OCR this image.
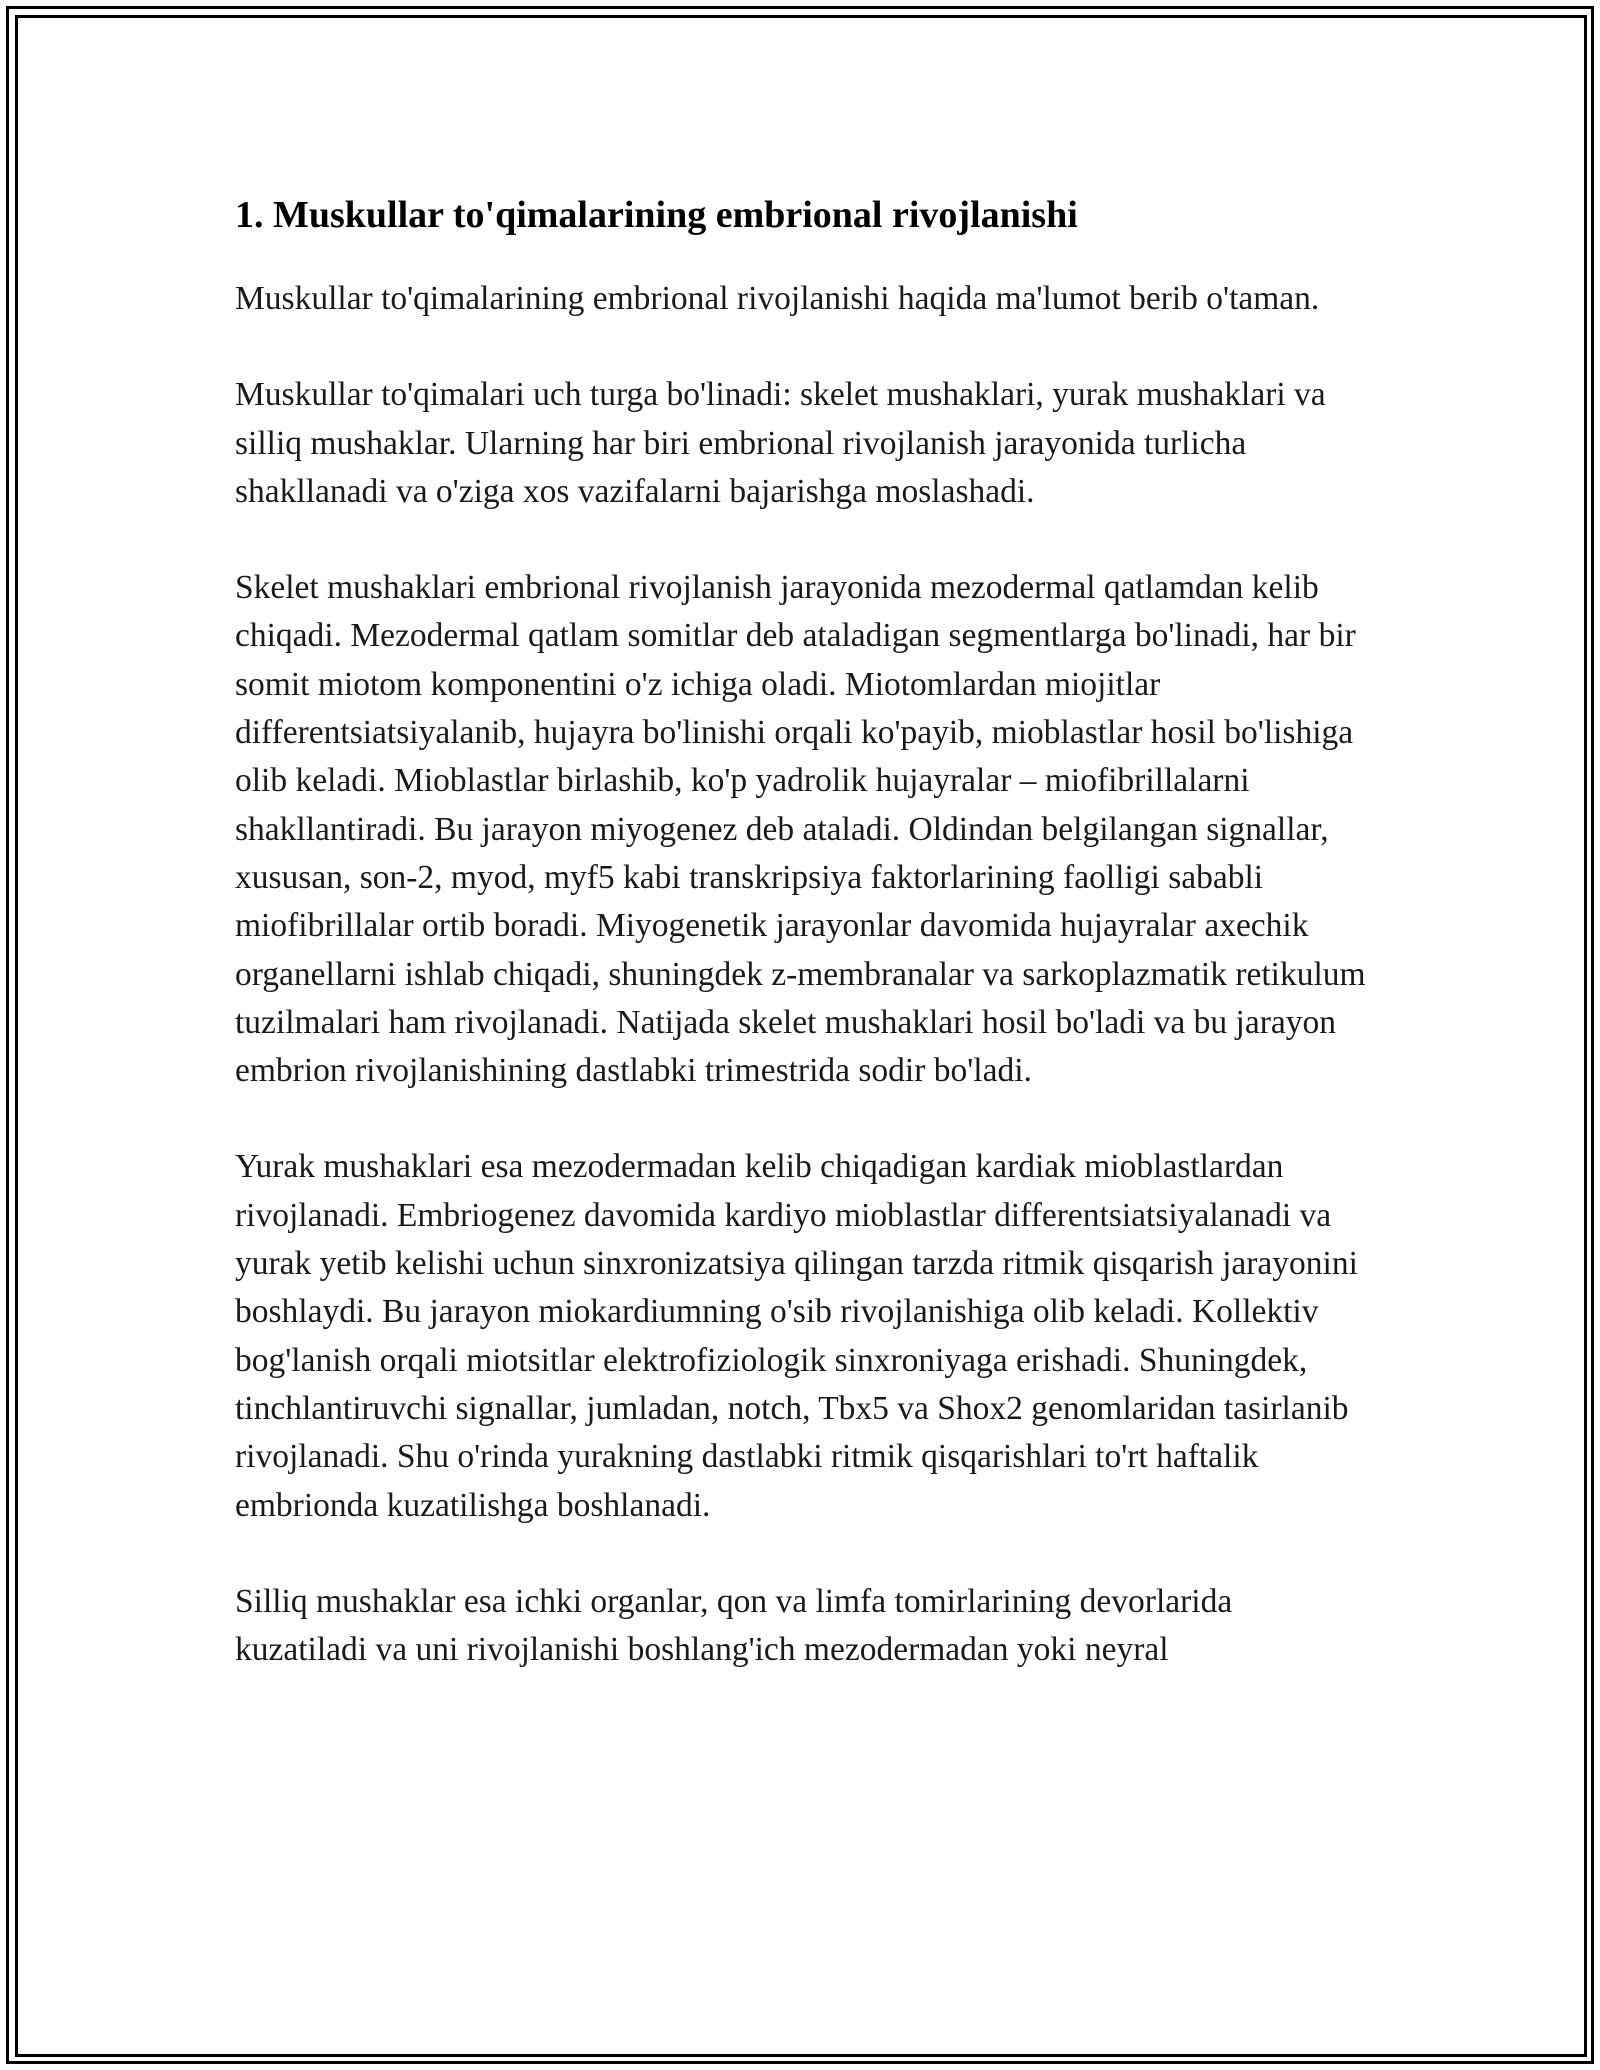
1. Muskullar to'qimalarining embrional rivojlanishi

Muskullar to'qimalarining embrional rivojlanishi haqida ma'lumot berib o'taman.

Muskullar to'qimalari uch turga bo'linadi: skelet mushaklari, yurak mushaklari va silliq mushaklar. Ularning har biri embrional rivojlanish jarayonida turlicha shakllanadi va o'ziga xos vazifalarni bajarishga moslashadi.

Skelet mushaklari embrional rivojlanish jarayonida mezodermal qatlamdan kelib chiqadi. Mezodermal qatlam somitlar deb ataladigan segmentlarga bo'linadi, har bir somit miotom komponentini o'z ichiga oladi. Miotomlardan miojitlar differentsiatsiyalanib, hujayra bo'linishi orqali ko'payib, mioblastlar hosil bo'lishiga olib keladi. Mioblastlar birlashib, ko'p yadrolik hujayralar – miofibrillalarni shakllantiradi. Bu jarayon miyogenez deb ataladi. Oldindan belgilangan signallar, xususan, son-2, myod, myf5 kabi transkripsiya faktorlarining faolligi sababli miofibrillalar ortib boradi. Miyogenetik jarayonlar davomida hujayralar axechik organellarni ishlab chiqadi, shuningdek z-membranalar va sarkoplazmatik retikulum tuzilmalari ham rivojlanadi. Natijada skelet mushaklari hosil bo'ladi va bu jarayon embrion rivojlanishining dastlabki trimestrida sodir bo'ladi.

Yurak mushaklari esa mezodermadan kelib chiqadigan kardiak mioblastlardan rivojlanadi. Embriogenez davomida kardiyo mioblastlar differentsiatsiyalanadi va yurak yetib kelishi uchun sinxronizatsiya qilingan tarzda ritmik qisqarish jarayonini boshlaydi. Bu jarayon miokardiumning o'sib rivojlanishiga olib keladi. Kollektiv bog'lanish orqali miotsitlar elektrofiziologik sinxroniyaga erishadi. Shuningdek, tinchlantiruvchi signallar, jumladan, notch, Tbx5 va Shox2 genomlaridan tasirlanib rivojlanadi. Shu o'rinda yurakning dastlabki ritmik qisqarishlari to'rt haftalik embrionda kuzatilishga boshlanadi.

Silliq mushaklar esa ichki organlar, qon va limfa tomirlarining devorlarida kuzatiladi va uni rivojlanishi boshlang'ich mezodermadan yoki neyral
